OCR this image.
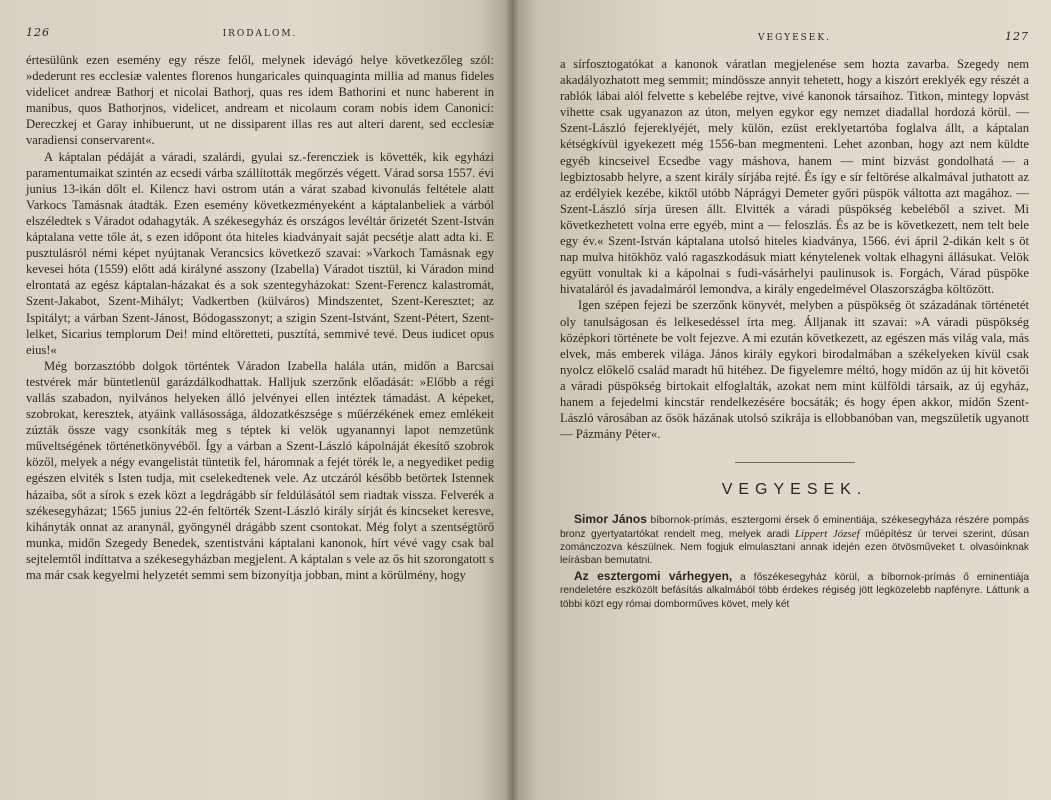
126	IRODALOM.

értesülünk ezen esemény egy része felől, melynek idevágó helye következőleg szól: »dederunt res ecclesiæ valentes florenos hungaricales quinquaginta millia ad manus fideles videlicet andreæ Bathorj et nicolai Bathorj, quas res idem Bathorini et nunc haberent in manibus, quos Bathorjnos, videlicet, andream et nicolaum coram nobis idem Canonici: Dereczkej et Garay inhibuerunt, ut ne dissiparent illas res aut alteri darent, sed ecclesiæ varadiensi conservarent«.

A káptalan pédáját a váradi, szalárdi, gyulai sz.-ferencziek is követték, kik egyházi paramentumaikat szintén az ecsedi várba szállították megőrzés végett. Várad sorsa 1557. évi junius 13-ikán dőlt el. Kilencz havi ostrom után a várat szabad kivonulás feltétele alatt Varkocs Tamásnak átadták. Ezen esemény következményeként a káptalanbeliek a várból elszéledtek s Váradot odahagyták. A székesegyház és országos levéltár őrizetét Szent-István káptalana vette tőle át, s ezen időpont óta hiteles kiadványait saját pecsétje alatt adta ki. E pusztulásról némi képet nyújtanak Verancsics következő szavai: »Varkoch Tamásnak egy kevesei hóta (1559) előtt adá királyné asszony (Izabella) Váradot tisztül, ki Váradon mind elrontatá az egész káptalan-házakat és a sok szentegyházokat: Szent-Ferencz kalastromát, Szent-Jakabot, Szent-Mihályt; Vadkertben (külváros) Mindszentet, Szent-Keresztet; az Ispitályt; a várban Szent-Jánost, Bódogasszonyt; a szigin Szent-Istvánt, Szent-Pétert, Szent-lelket, Sicarius templorum Dei! mind eltöretteti, pusztítá, semmivé tevé. Deus iudicet opus eius!«

Még borzasztóbb dolgok történtek Váradon Izabella halála után, midőn a Barcsai testvérek már büntetlenül garázdálkodhattak. Halljuk szerzőnk előadását: »Előbb a régi vallás szabadon, nyilvános helyeken álló jelvényei ellen intéztek támadást. A képeket, szobrokat, keresztek, atyáink vallásossága, áldozatkészsége s műérzékének emez emlékeit zúzták össze vagy csonkíták meg s téptek ki velök ugyanannyi lapot nemzetünk műveltségének történetkönyvéből. Így a várban a Szent-László kápolnáját ékesítő szobrok közől, melyek a négy evangelistát tüntetik fel, háromnak a fejét törék le, a negyediket pedig egészen elviték s Isten tudja, mit cselekedtenek vele. Az utczáról később betörtek Istennek házaiba, sőt a sírok s ezek közt a legdrágább sír feldúlásától sem riadtak vissza. Felverék a székesegyházat; 1565 junius 22-én feltörték Szent-László király sírját és kincseket keresve, kihányták onnat az aranynál, gyöngynél drágább szent csontokat. Még folyt a szentségtörő munka, midőn Szegedy Benedek, szentistváni káptalani kanonok, hírt vévé vagy csak bal sejtelemtől indíttatva a székesegyházban megjelent. A káptalan s vele az ős hit szorongatott s ma már csak kegyelmi helyzetét semmi sem bizonyítja jobban, mint a körülmény, hogy

VEGYESEK.	127

a sírfosztogatókat a kanonok váratlan megjelenése sem hozta zavarba. Szegedy nem akadályozhatott meg semmit; mindössze annyit tehetett, hogy a kiszórt ereklyék egy részét a rablók lábai alól felvette s kebelébe rejtve, vivé kanonok társaihoz. Titkon, mintegy lopvást vihette csak ugyanazon az úton, melyen egykor egy nemzet diadallal hordozá körül. — Szent-László fejereklyéjét, mely külön, ezüst ereklyetartóba foglalva állt, a káptalan kétségkívül igyekezett még 1556-ban megmenteni. Lehet azonban, hogy azt nem küldte egyéb kincseivel Ecsedbe vagy máshova, hanem — mint bizvást gondolhatá — a legbiztosabb helyre, a szent király sírjába rejté. És így e sír feltörése alkalmával juthatott az az erdélyiek kezébe, kiktől utóbb Náprágyi Demeter győri püspök váltotta azt magához. — Szent-László sírja üresen állt. Elvitték a váradi püspökség kebeléből a szivet. Mi következhetett volna erre egyéb, mint a — feloszlás. És az be is következett, nem telt bele egy év.« Szent-István káptalana utolsó hiteles kiadványa, 1566. évi ápril 2-dikán kelt s öt nap mulva hitökhöz való ragaszkodásuk miatt kénytelenek voltak elhagyni állásukat. Velök együtt vonultak ki a kápolnai s fudi-vásárhelyi paulinusok is. Forgách, Várad püspöke hivataláról és javadalmáról lemondva, a király engedelmével Olaszországba költözött.

Igen szépen fejezi be szerzőnk könyvét, melyben a püspökség öt századának történetét oly tanulságosan és lelkesedéssel írta meg. Álljanak itt szavai: »A váradi püspökség középkori története be volt fejezve. A mi ezután következett, az egészen más világ vala, más elvek, más emberek világa. János király egykori birodalmában a székelyeken kívül csak nyolcz előkelő család maradt hű hitéhez. De figyelemre méltó, hogy midőn az új hit követői a váradi püspökség birtokait elfoglalták, azokat nem mint külföldi társaik, az új egyház, hanem a fejedelmi kincstár rendelkezésére bocsáták; és hogy épen akkor, midőn Szent-László városában az ősök házának utolsó szikrája is ellobbanóban van, megszületik ugyanott — Pázmány Péter«.

VEGYESEK.

Simor János bíbornok-prímás, esztergomi érsek ő eminentiája, székesegyháza részére pompás bronz gyertyatartókat rendelt meg, melyek aradi Lippert József műépítész úr tervei szerint, dúsan zománczozva készülnek. Nem fogjuk elmulasztani annak idején ezen ötvösműveket t. olvasóinknak leírásban bemutatni.

Az esztergomi várhegyen, a főszékesegyház körül, a bíbornok-prímás ő eminentiája rendeletére eszközölt befásítás alkalmából több érdekes régiség jött legközelebb napfényre. Láttunk a többi közt egy római domborműves követ, mely két
